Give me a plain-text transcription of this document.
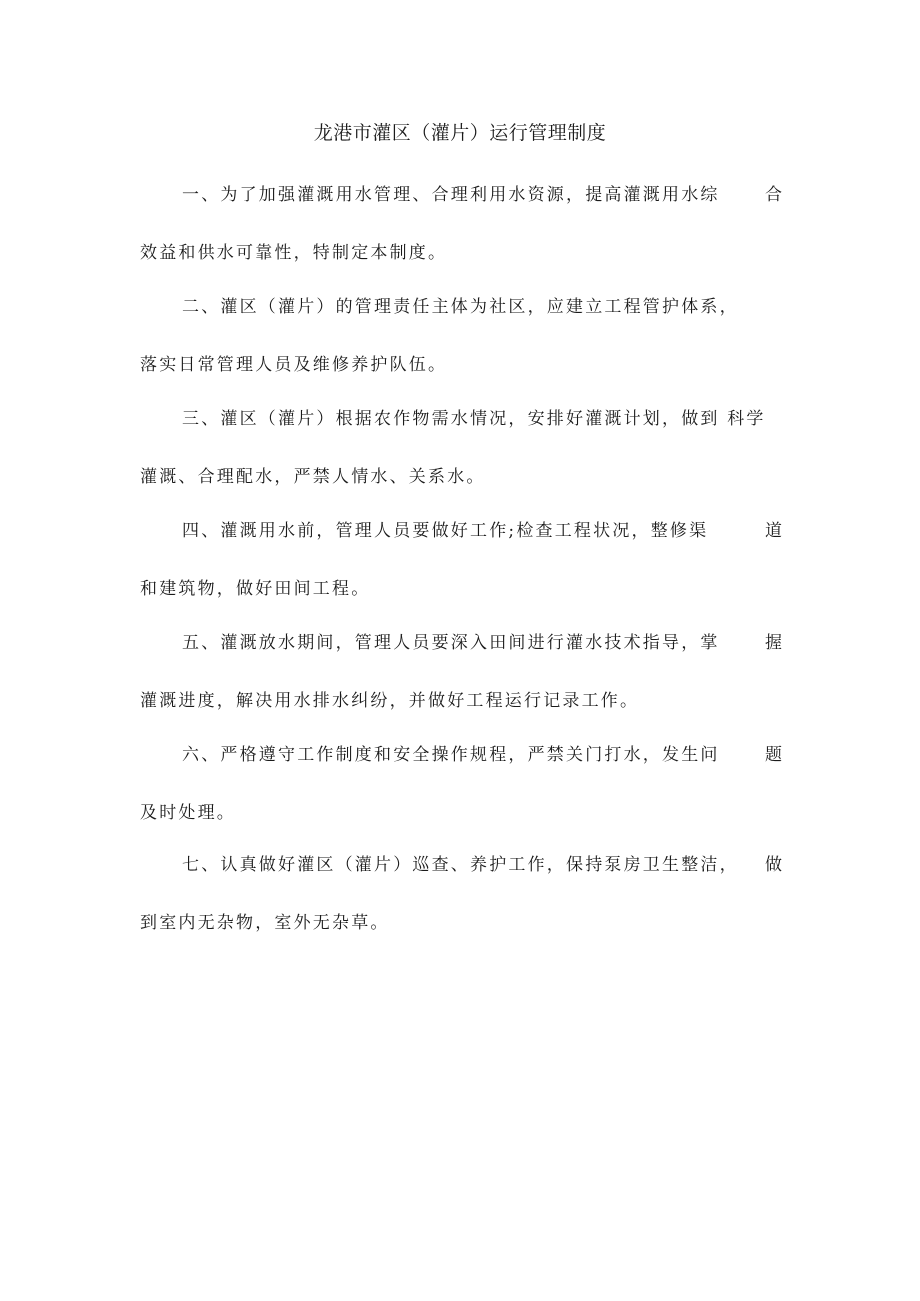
龙港市灌区（灌片）运行管理制度
一、为了加强灌溉用水管理、合理利用水资源，提高灌溉用水综	合
效益和供水可靠性，特制定本制度。
二、灌区（灌片）的管理责任主体为社区，应建立工程管护体系，
落实日常管理人员及维修养护队伍。
三、灌区（灌片）根据农作物需水情况，安排好灌溉计划，做到 科学
灌溉、合理配水，严禁人情水、关系水。
四、灌溉用水前，管理人员要做好工作;检查工程状况，整修渠	道
和建筑物，做好田间工程。
五、灌溉放水期间，管理人员要深入田间进行灌水技术指导，掌	握
灌溉进度，解决用水排水纠纷，并做好工程运行记录工作。
六、严格遵守工作制度和安全操作规程，严禁关门打水，发生问	题
及时处理。
七、认真做好灌区（灌片）巡查、养护工作，保持泵房卫生整洁， 做
到室内无杂物，室外无杂草。
